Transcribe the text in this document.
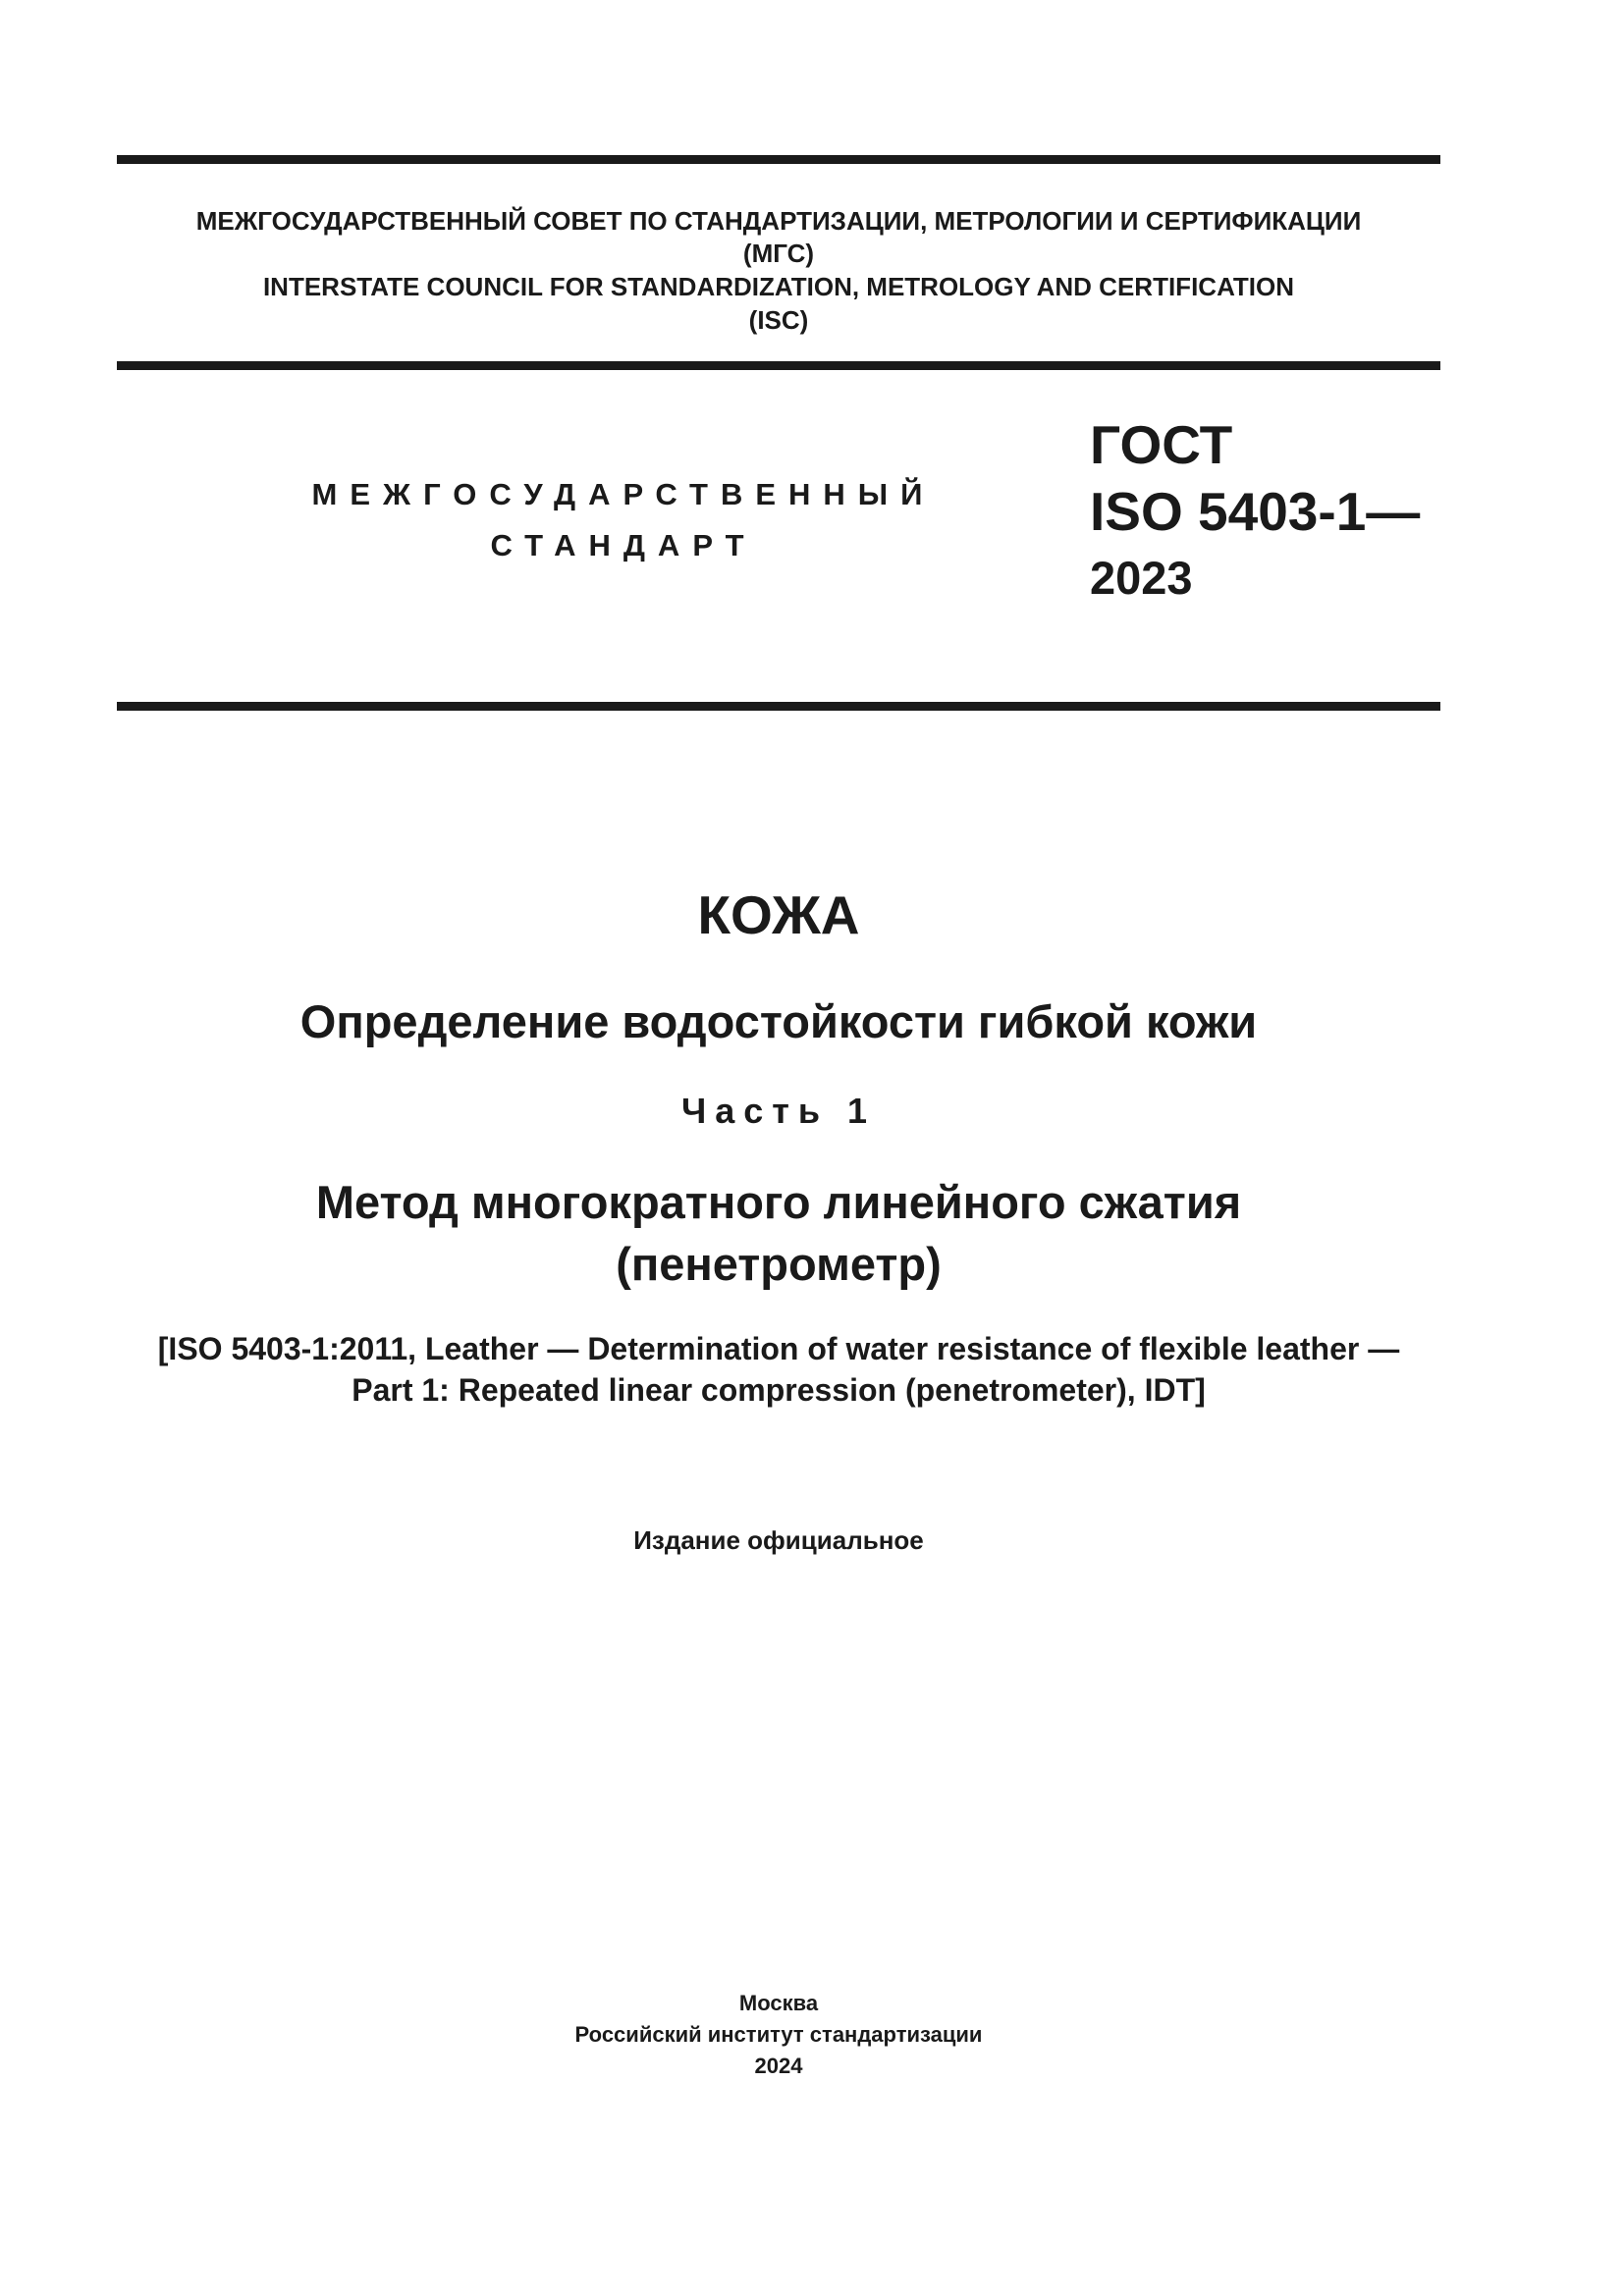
МЕЖГОСУДАРСТВЕННЫЙ СОВЕТ ПО СТАНДАРТИЗАЦИИ, МЕТРОЛОГИИ И СЕРТИФИКАЦИИ
(МГС)
INTERSTATE COUNCIL FOR STANDARDIZATION, METROLOGY AND CERTIFICATION
(ISC)
МЕЖГОСУДАРСТВЕННЫЙ
СТАНДАРТ
ГОСТ
ISO 5403-1—
2023
КОЖА
Определение водостойкости гибкой кожи
Часть 1
Метод многократного линейного сжатия
(пенетрометр)
[ISO 5403-1:2011, Leather — Determination of water resistance of flexible leather —
Part 1: Repeated linear compression (penetrometer), IDT]
Издание официальное
Москва
Российский институт стандартизации
2024
